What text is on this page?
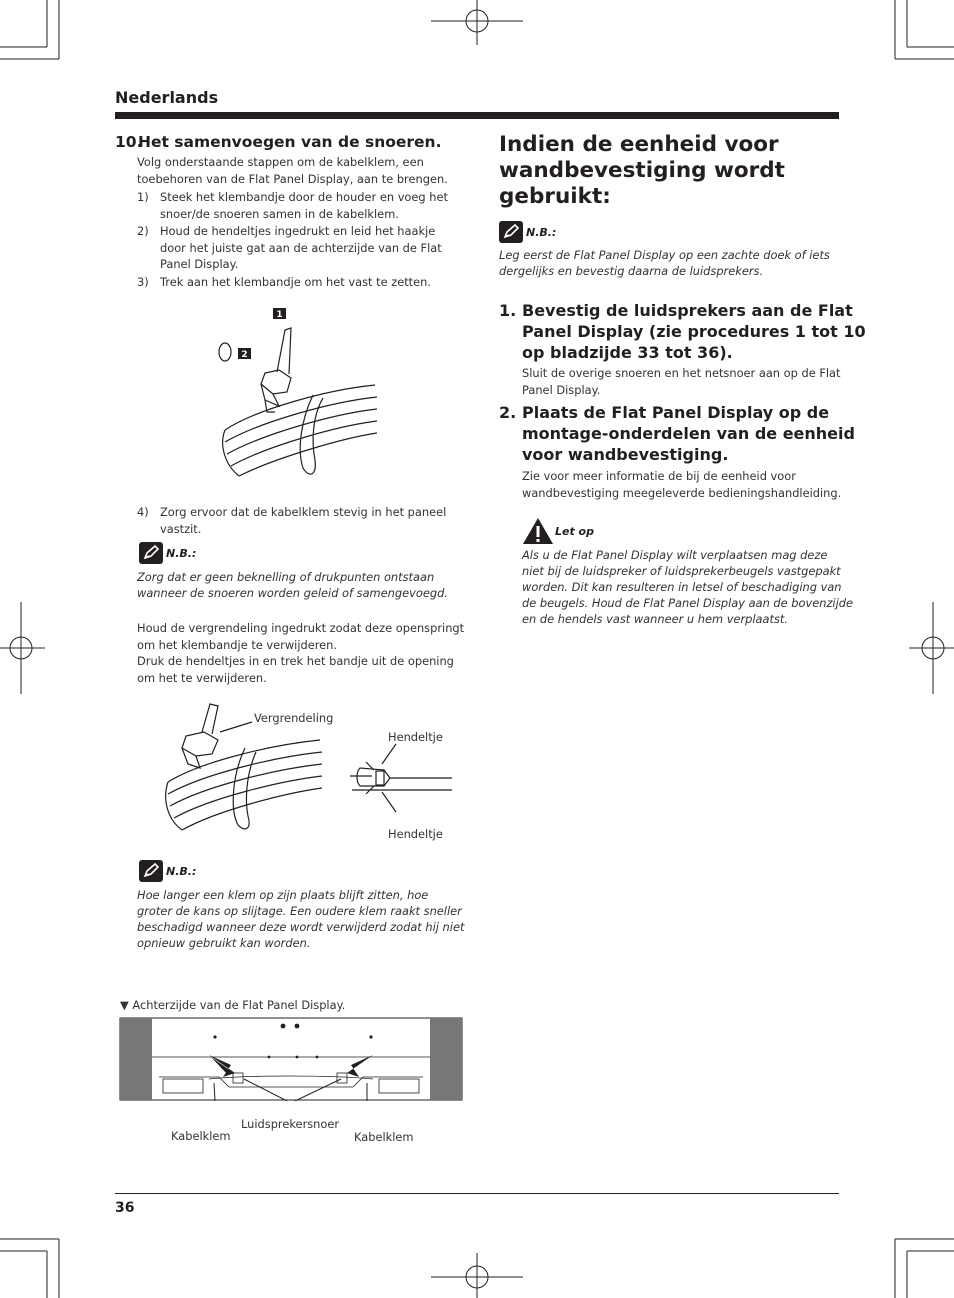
Nederlands
10.
Het samenvoegen van de snoeren.
Volg onderstaande stappen om de kabelklem, een
toebehoren van de Flat Panel Display, aan te brengen.
1) Steek het klembandje door de houder en voeg het
snoer/de snoeren samen in de kabelklem.
2) Houd de hendeltjes ingedrukt en leid het haakje
door het juiste gat aan de achterzijde van de Flat
Panel Display.
3) Trek aan het klembandje om het vast te zetten.
1
2
4) Zorg ervoor dat de kabelklem stevig in het paneel
vastzit.
N.B.:
Zorg dat er geen beknelling of drukpunten ontstaan
wanneer de snoeren worden geleid of samengevoegd.
Houd de vergrendeling ingedrukt zodat deze openspringt
om het klembandje te verwijderen.
Druk de hendeltjes in en trek het bandje uit de opening
om het te verwijderen.
Vergrendeling
Hendeltje
Hendeltje
N.B.:
Hoe langer een klem op zijn plaats blijft zitten, hoe
groter de kans op slijtage. Een oudere klem raakt sneller
beschadigd wanneer deze wordt verwijderd zodat hij niet
opnieuw gebruikt kan worden.
▼ Achterzijde van de Flat Panel Display.
Kabelklem
Luidsprekersnoer
Kabelklem
Indien de eenheid voor
wandbevestiging wordt
gebruikt:
N.B.:
Leg eerst de Flat Panel Display op een zachte doek of iets
dergelijks en bevestig daarna de luidsprekers.
1. Bevestig de luidsprekers aan de Flat
Panel Display (zie procedures 1 tot 10
op bladzijde 33 tot 36).
Sluit de overige snoeren en het netsnoer aan op de Flat
Panel Display.
2. Plaats de Flat Panel Display op de
montage-onderdelen van de eenheid
voor wandbevestiging.
Zie voor meer informatie de bij de eenheid voor
wandbevestiging meegeleverde bedieningshandleiding.
Let op
Als u de Flat Panel Display wilt verplaatsen mag deze
niet bij de luidspreker of luidsprekerbeugels vastgepakt
worden. Dit kan resulteren in letsel of beschadiging van
de beugels. Houd de Flat Panel Display aan de bovenzijde
en de hendels vast wanneer u hem verplaatst.
36
